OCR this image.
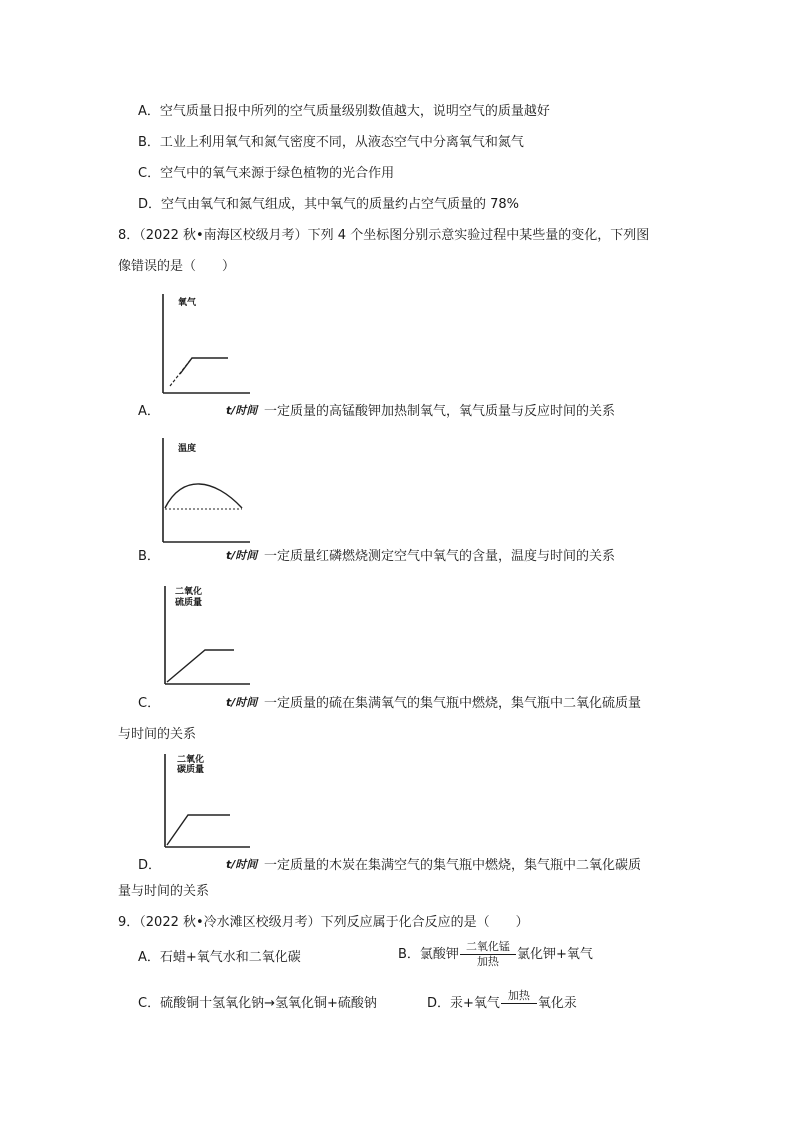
A．空气质量日报中所列的空气质量级别数值越大，说明空气的质量越好
B．工业上利用氧气和氮气密度不同，从液态空气中分离氧气和氮气
C．空气中的氧气来源于绿色植物的光合作用
D．空气由氧气和氮气组成，其中氧气的质量约占空气质量的 78%
8．（2022 秋•南海区校级月考）下列 4 个坐标图分别示意实验过程中某些量的变化，下列图
像错误的是（　　）
氧气
A．	t/时间 一定质量的高锰酸钾加热制氧气，氧气质量与反应时间的关系
温度
B．	t/时间 一定质量红磷燃烧测定空气中氧气的含量，温度与时间的关系
二氧化
硫质量
C．	t/时间 一定质量的硫在集满氧气的集气瓶中燃烧，集气瓶中二氧化硫质量
与时间的关系
二氧化
碳质量
D．	t/时间 一定质量的木炭在集满空气的集气瓶中燃烧，集气瓶中二氧化碳质
量与时间的关系
9．（2022 秋•冷水滩区校级月考）下列反应属于化合反应的是（　　）
A．石蜡+氧气水和二氧化碳	B．氯酸钾
二氧化锰
加热	氯化钾+氧气
C．硫酸铜十氢氧化钠→氢氧化铜+硫酸钠	D．汞+氧气
加热
氧化汞
